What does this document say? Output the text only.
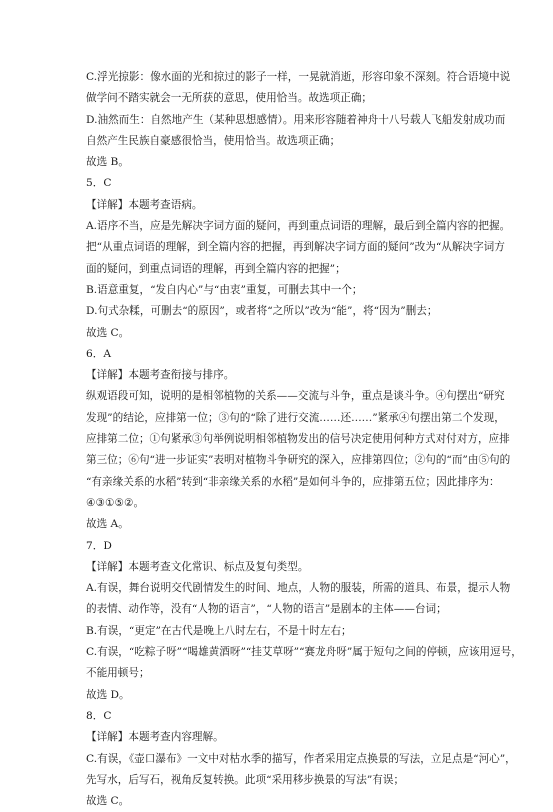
C.浮光掠影：像水面的光和掠过的影子一样，一晃就消逝，形容印象不深刻。符合语境中说
做学问不踏实就会一无所获的意思，使用恰当。故选项正确；
D.油然而生：自然地产生（某种思想感情）。用来形容随着神舟十八号载人飞船发射成功而
自然产生民族自豪感很恰当，使用恰当。故选项正确；
故选 B。
5．C
【详解】本题考查语病。
A.语序不当，应是先解决字词方面的疑问，再到重点词语的理解，最后到全篇内容的把握。
把“从重点词语的理解，到全篇内容的把握，再到解决字词方面的疑问”改为“从解决字词方
面的疑问，到重点词语的理解，再到全篇内容的把握”；
B.语意重复，“发自内心”与“由衷”重复，可删去其中一个；
D.句式杂糅，可删去“的原因”，或者将“之所以”改为“能”，将“因为”删去；
故选 C。
6．A
【详解】本题考查衔接与排序。
纵观语段可知，说明的是相邻植物的关系——交流与斗争，重点是谈斗争。④句摆出“研究
发现”的结论，应排第一位；③句的“除了进行交流……还……”紧承④句摆出第二个发现，
应排第二位；①句紧承③句举例说明相邻植物发出的信号决定使用何种方式对付对方，应排
第三位；⑥句“进一步证实”表明对植物斗争研究的深入，应排第四位；②句的“而”由⑤句的
“有亲缘关系的水稻”转到“非亲缘关系的水稻”是如何斗争的，应排第五位；因此排序为：
④③①⑤②。
故选 A。
7．D
【详解】本题考查文化常识、标点及复句类型。
A.有误，舞台说明交代剧情发生的时间、地点，人物的服装，所需的道具、布景，提示人物
的表情、动作等，没有“人物的语言”，“人物的语言”是剧本的主体——台词；
B.有误，“更定”在古代是晚上八时左右，不是十时左右；
C.有误，“吃粽子呀”“喝雄黄酒呀”“挂艾草呀”“赛龙舟呀”属于短句之间的停顿，应该用逗号，
不能用顿号；
故选 D。
8．C
【详解】本题考查内容理解。
C.有误，《壶口瀑布》一文中对枯水季的描写，作者采用定点换景的写法，立足点是“河心”，
先写水，后写石，视角反复转换。此项“采用移步换景的写法”有误；
故选 C。
